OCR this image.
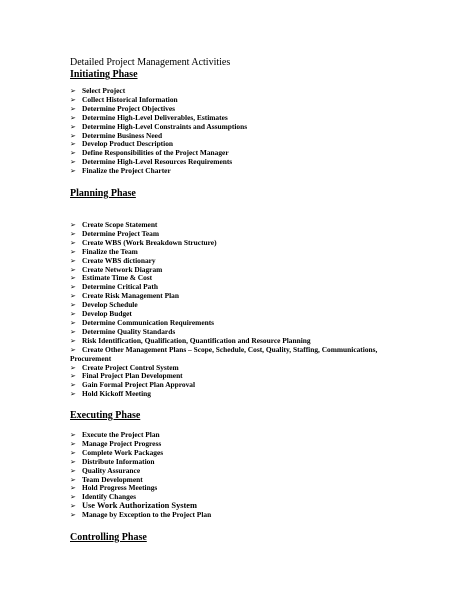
Detailed Project Management Activities
Initiating Phase
➢ Select Project
➢ Collect Historical Information
➢ Determine Project Objectives
➢ Determine High-Level Deliverables, Estimates
➢ Determine High-Level Constraints and Assumptions
➢ Determine Business Need
➢ Develop Product Description
➢ Define Responsibilities of the Project Manager
➢ Determine High-Level Resources Requirements
➢ Finalize the Project Charter
Planning Phase
➢ Create Scope Statement
➢ Determine Project Team
➢ Create WBS (Work Breakdown Structure)
➢ Finalize the Team
➢ Create WBS dictionary
➢ Create Network Diagram
➢ Estimate Time & Cost
➢ Determine Critical Path
➢ Create Risk Management Plan
➢ Develop Schedule
➢ Develop Budget
➢ Determine Communication Requirements
➢ Determine Quality Standards
➢ Risk Identification, Qualification, Quantification and Resource Planning
➢ Create Other Management Plans – Scope, Schedule, Cost, Quality, Staffing, Communications, Procurement
➢ Create Project Control System
➢ Final Project Plan Development
➢ Gain Formal Project Plan Approval
➢ Hold Kickoff Meeting
Executing Phase
➢ Execute the Project Plan
➢ Manage Project Progress
➢ Complete Work Packages
➢ Distribute Information
➢ Quality Assurance
➢ Team Development
➢ Hold Progress Meetings
➢ Identify Changes
➢ Use Work Authorization System
➢ Manage by Exception to the Project Plan
Controlling Phase
